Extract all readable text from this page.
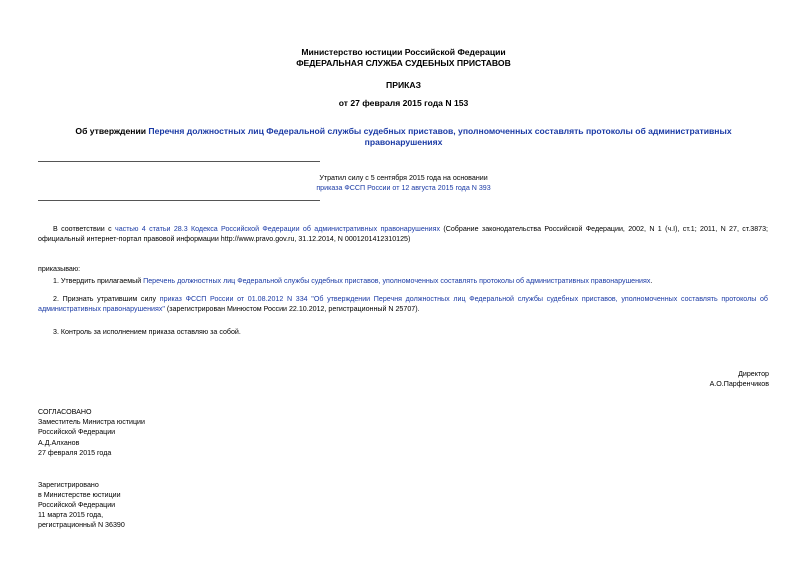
Министерство юстиции Российской Федерации
ФЕДЕРАЛЬНАЯ СЛУЖБА СУДЕБНЫХ ПРИСТАВОВ
ПРИКАЗ
от 27 февраля 2015 года N 153
Об утверждении Перечня должностных лиц Федеральной службы судебных приставов, уполномоченных составлять протоколы об административных
правонарушениях
Утратил силу с 5 сентября 2015 года на основании
приказа ФССП России от 12 августа 2015 года N 393
В соответствии с частью 4 статьи 28.3 Кодекса Российской Федерации об административных правонарушениях (Собрание законодательства Российской Федерации, 2002, N 1 (ч.I), ст.1; 2011, N 27, ст.3873; официальный интернет-портал правовой информации http://www.pravo.gov.ru, 31.12.2014, N 0001201412310125)
приказываю:
1. Утвердить прилагаемый Перечень должностных лиц Федеральной службы судебных приставов, уполномоченных составлять протоколы об административных правонарушениях.
2. Признать утратившим силу приказ ФССП России от 01.08.2012 N 334 "Об утверждении Перечня должностных лиц Федеральной службы судебных приставов, уполномоченных составлять протоколы об административных правонарушениях" (зарегистрирован Минюстом России 22.10.2012, регистрационный N 25707).
3. Контроль за исполнением приказа оставляю за собой.
Директор
А.О.Парфенчиков
СОГЛАСОВАНО
Заместитель Министра юстиции
Российской Федерации
А.Д.Алханов
27 февраля 2015 года
Зарегистрировано
в Министерстве юстиции
Российской Федерации
11 марта 2015 года,
регистрационный N 36390
